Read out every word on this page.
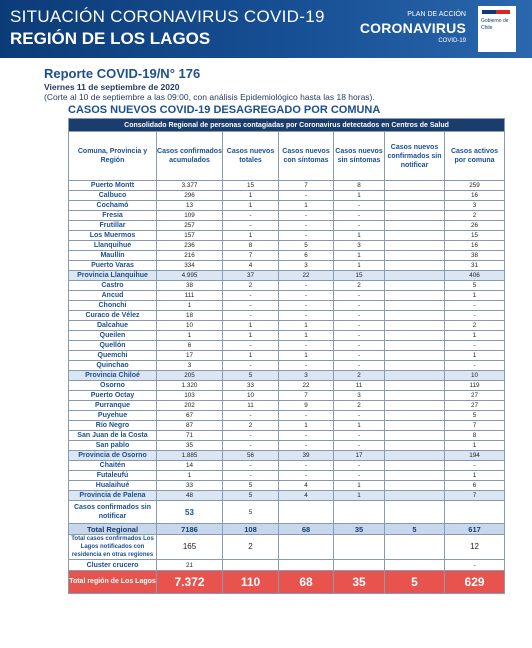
SITUACIÓN CORONAVIRUS COVID-19
REGIÓN DE LOS LAGOS
PLAN DE ACCIÓN
CORONAVIRUS
COVID-19
Gobierno de Chile
Reporte COVID-19/N° 176
Viernes 11 de septiembre de 2020
(Corte al 10 de septiembre a las 09:00, con análisis Epidemiológico hasta las 18 horas).
CASOS NUEVOS COVID-19 DESAGREGADO POR COMUNA
Consolidado Regional de personas contagiadas por Coronavirus detectados en Centros de Salud						
Comuna, Provincia y Región	Casos confirmados acumulados	Casos nuevos totales	Casos nuevos con síntomas	Casos nuevos sin síntomas	Casos nuevos confirmados sin notificar	Casos activos por comuna
Puerto Montt	3.377	15	7	8		259
Calbuco	296	1	-	1		16
Cochamó	13	1	1	-		3
Fresia	109	-	-	-		2
Frutillar	257	-	-	-		26
Los Muermos	157	1	-	1		15
Llanquihue	236	8	5	3		16
Maullín	216	7	6	1		38
Puerto Varas	334	4	3	1		31
Provincia Llanquihue	4.995	37	22	15		406
Castro	38	2	-	2		5
Ancud	111	-	-	-		1
Chonchi	1	-	-	-		-
Curaco de Vélez	18	-	-	-		-
Dalcahue	10	1	1	-		2
Queilen	1	1	1	-		1
Quellón	6	-	-	-		-
Quemchi	17	1	1	-		1
Quinchao	3	-	-	-		-
Provincia Chiloé	205	5	3	2		10
Osorno	1.320	33	22	11		119
Puerto Octay	103	10	7	3		27
Purranque	202	11	9	2		27
Puyehue	67	-	-	-		5
Río Negro	87	2	1	1		7
San Juan de la Costa	71	-	-	-		8
San pablo	35	-	-	-		1
Provincia de Osorno	1.885	56	39	17		194
Chaitén	14	-	-	-		-
Futaleufú	1	-	-	-		1
Hualaihué	33	5	4	1		6
Provincia de Palena	48	5	4	1		7
Casos confirmados sin notificar	53	5				
Total Regional	7186	108	68	35	5	617
Total casos confirmados Los Lagos notificados con residencia en otras regiones	165	2				12
Cluster crucero	21					-
Total región de Los Lagos	7.372	110	68	35	5	629
